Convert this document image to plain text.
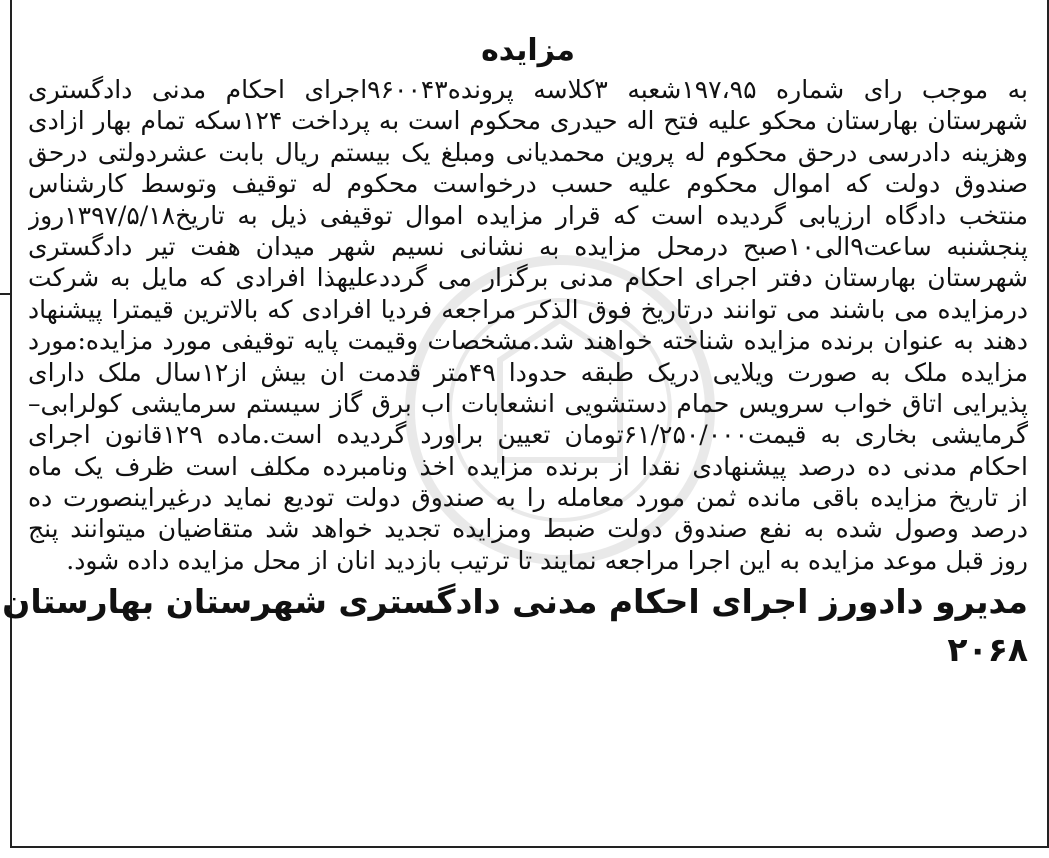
مزایده
به موجب رای شماره ۱۹۷،۹۵شعبه ۳کلاسه پرونده۹۶۰۰۴۳اجرای احکام مدنی دادگستری
شهرستان بهارستان محکو علیه فتح اله حیدری محکوم است به پرداخت ۱۲۴سکه تمام بهار ازادی
وهزینه دادرسی درحق محکوم له پروین محمدیانی ومبلغ یک بیستم ریال بابت عشردولتی درحق
صندوق دولت که اموال محکوم علیه حسب درخواست محکوم له توقیف وتوسط کارشناس
منتخب دادگاه ارزیابی گردیده است که قرار مزایده اموال توقیفی ذیل به تاریخ۱۳۹۷/۵/۱۸روز
پنجشنبه ساعت۹الی۱۰صبح درمحل مزایده به نشانی نسیم شهر میدان هفت تیر دادگستری
شهرستان بهارستان دفتر اجرای احکام مدنی برگزار می گرددعلیهذا افرادی که مایل به شرکت
درمزایده می باشند می توانند درتاریخ فوق الذکر مراجعه فردیا افرادی که بالاترین قیمترا پیشنهاد
دهند به عنوان برنده مزایده شناخته خواهند شد.مشخصات وقیمت پایه توقیفی مورد مزایده:مورد
مزایده ملک به صورت ویلایی دریک طبقه حدودا ۴۹متر قدمت ان بیش از۱۲سال ملک دارای
پذیرایی اتاق خواب سرویس حمام دستشویی انشعابات اب برق گاز سیستم سرمایشی کولرابی–
گرمایشی بخاری به قیمت۶۱/۲۵۰/۰۰۰تومان تعیین براورد گردیده است.ماده ۱۲۹قانون اجرای
احکام مدنی ده درصد پیشنهادی نقدا از برنده مزایده اخذ ونامبرده مکلف است ظرف یک ماه
از تاریخ مزایده باقی مانده ثمن مورد معامله را به صندوق دولت تودیع نماید درغیراینصورت ده
درصد وصول شده به نفع صندوق دولت ضبط ومزایده تجدید خواهد شد متقاضیان میتوانند پنج
روز قبل موعد مزایده به این اجرا مراجعه نمایند تا ترتیب بازدید انان از محل مزایده داده شود.
مدیرو دادورز اجرای احکام مدنی دادگستری شهرستان بهارستان
۲۰۶۸
